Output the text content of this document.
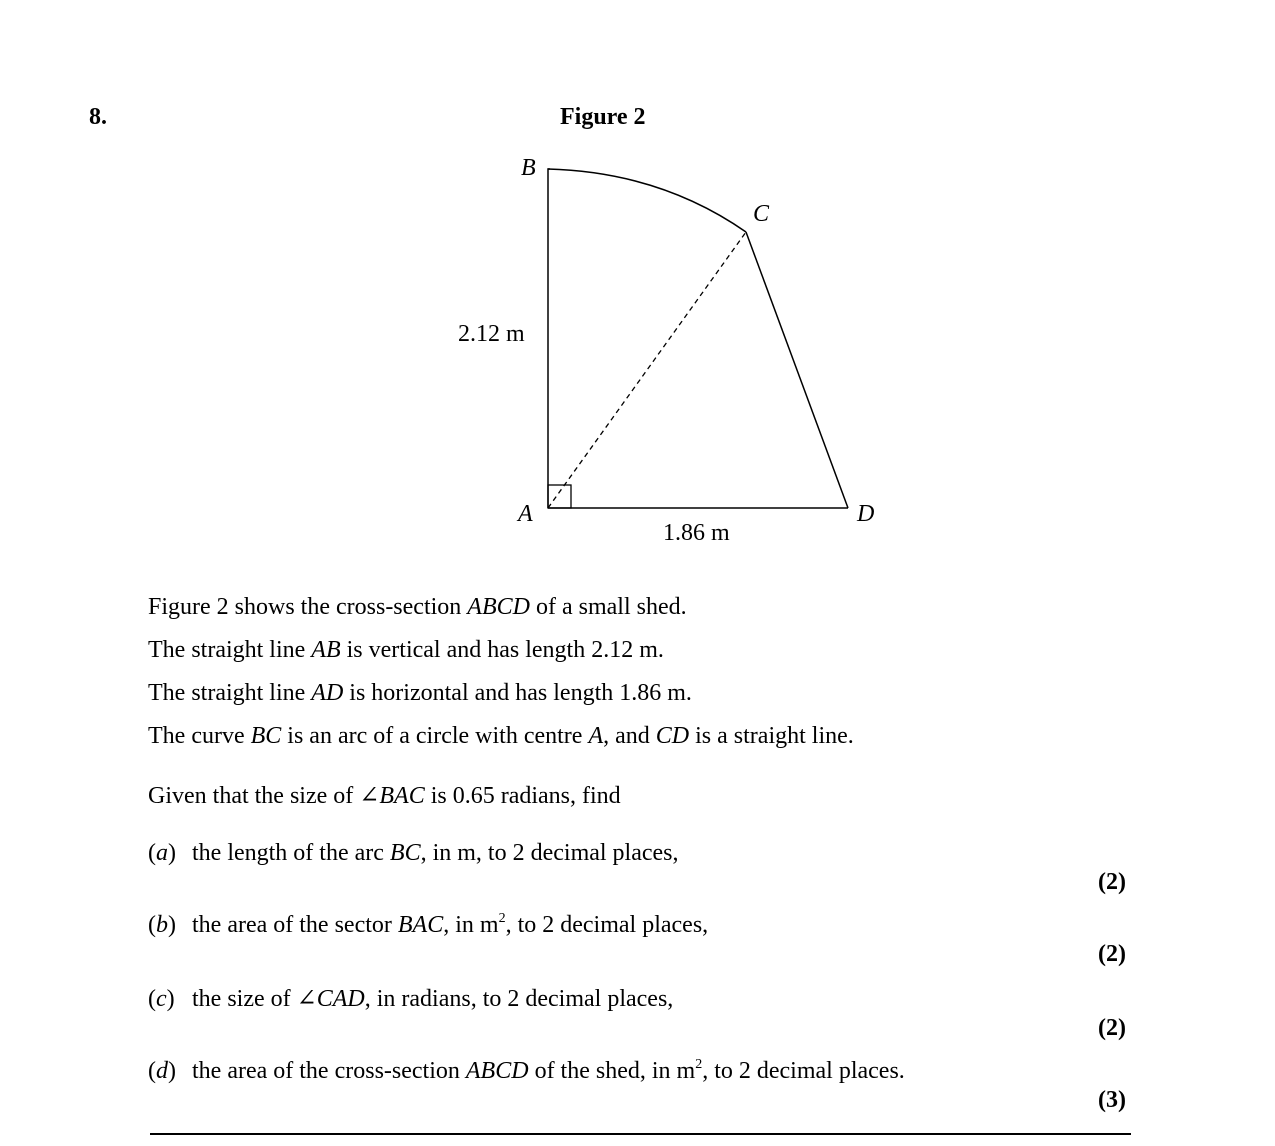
8.	Figure 2
B
C
A	D
2.12 m
1.86 m
Figure 2 shows the cross-section ABCD of a small shed.
The straight line AB is vertical and has length 2.12 m.
The straight line AD is horizontal and has length 1.86 m.
The curve BC is an arc of a circle with centre A, and CD is a straight line.
Given that the size of ∠BAC is 0.65 radians, find
(a) the length of the arc BC, in m, to 2 decimal places,
(2)
(b) the area of the sector BAC, in $m^2$, to 2 decimal places,
(2)
(c) the size of ∠CAD, in radians, to 2 decimal places,
(2)
(d) the area of the cross-section ABCD of the shed, in $m^2$, to 2 decimal places.
(3)
